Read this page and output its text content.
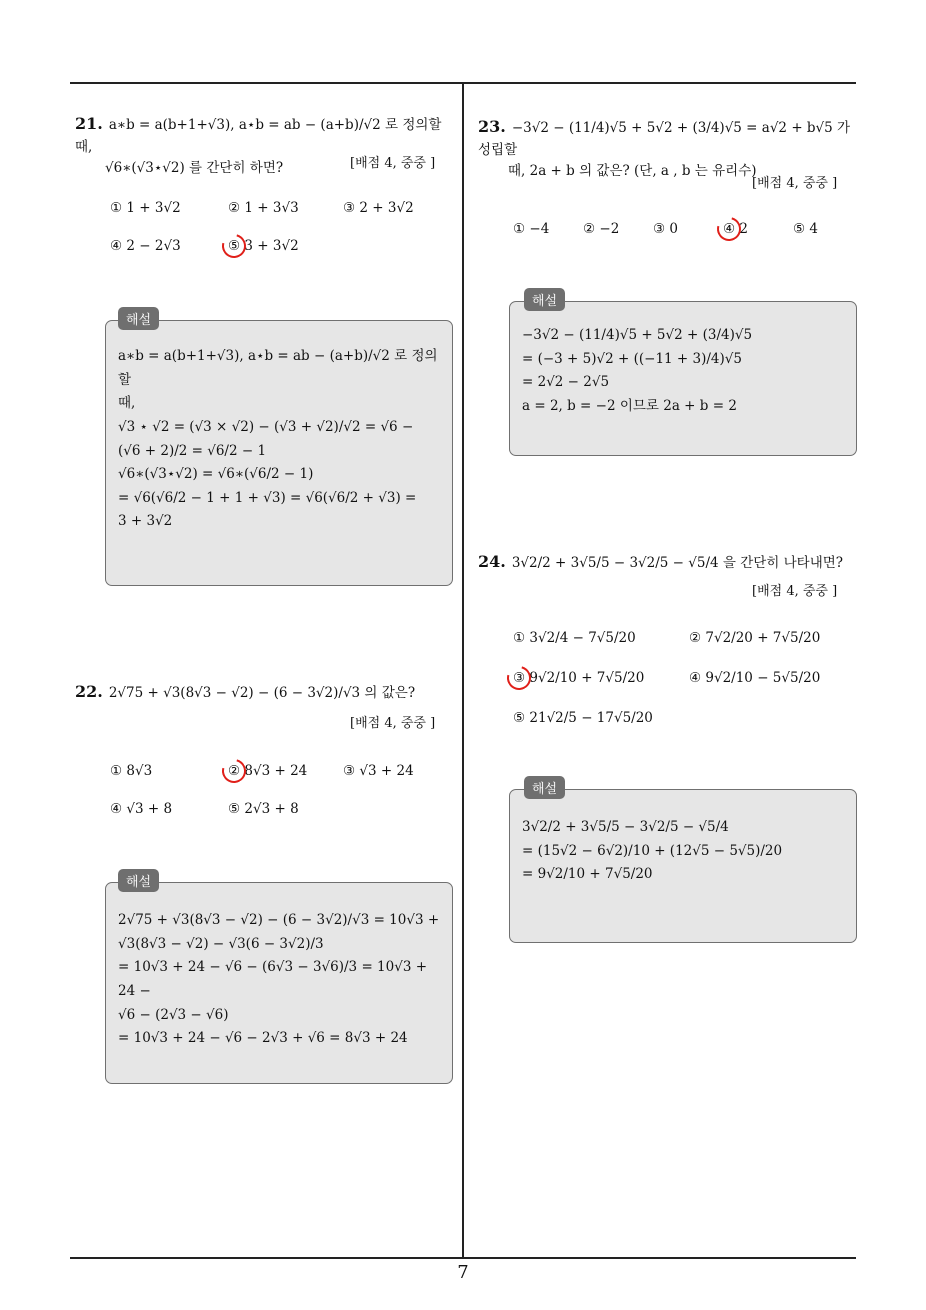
21. a∗b = a(b+1+√3), a⋆b = ab − (a+b)/√2 로 정의할 때,
√6∗(√3⋆√2) 를 간단히 하면?	[배점 4, 중중 ]
① 1 + 3√2	② 1 + 3√3	③ 2 + 3√2
④ 2 − 2√3	⑤ 3 + 3√2
해설
a∗b = a(b+1+√3), a⋆b = ab − (a+b)/√2 로 정의할
때,
√3 ⋆ √2 = (√3 × √2) − (√3 + √2)/√2 = √6 −
(√6 + 2)/2 = √6/2 − 1
√6∗(√3⋆√2) = √6∗(√6/2 − 1)
= √6(√6/2 − 1 + 1 + √3) = √6(√6/2 + √3) =
3 + 3√2
22. 2√75 + √3(8√3 − √2) − (6 − 3√2)/√3 의 값은?
[배점 4, 중중 ]
① 8√3	② 8√3 + 24	③ √3 + 24
④ √3 + 8	⑤ 2√3 + 8
해설
2√75 + √3(8√3 − √2) − (6 − 3√2)/√3 = 10√3 +
√3(8√3 − √2) − √3(6 − 3√2)/3
= 10√3 + 24 − √6 − (6√3 − 3√6)/3 = 10√3 + 24 −
√6 − (2√3 − √6)
= 10√3 + 24 − √6 − 2√3 + √6 = 8√3 + 24
23. −3√2 − (11/4)√5 + 5√2 + (3/4)√5 = a√2 + b√5 가 성립할
때, 2a + b 의 값은? (단, a , b 는 유리수)
[배점 4, 중중 ]
① −4 ② −2 ③ 0	④ 2	⑤ 4
해설
−3√2 − (11/4)√5 + 5√2 + (3/4)√5
= (−3 + 5)√2 + ((−11 + 3)/4)√5
= 2√2 − 2√5
a = 2, b = −2 이므로 2a + b = 2
24. 3√2/2 + 3√5/5 − 3√2/5 − √5/4 을 간단히 나타내면?
[배점 4, 중중 ]
① 3√2/4 − 7√5/20	② 7√2/20 + 7√5/20
③ 9√2/10 + 7√5/20	④ 9√2/10 − 5√5/20
⑤ 21√2/5 − 17√5/20
해설
3√2/2 + 3√5/5 − 3√2/5 − √5/4
= (15√2 − 6√2)/10 + (12√5 − 5√5)/20
= 9√2/10 + 7√5/20
7
